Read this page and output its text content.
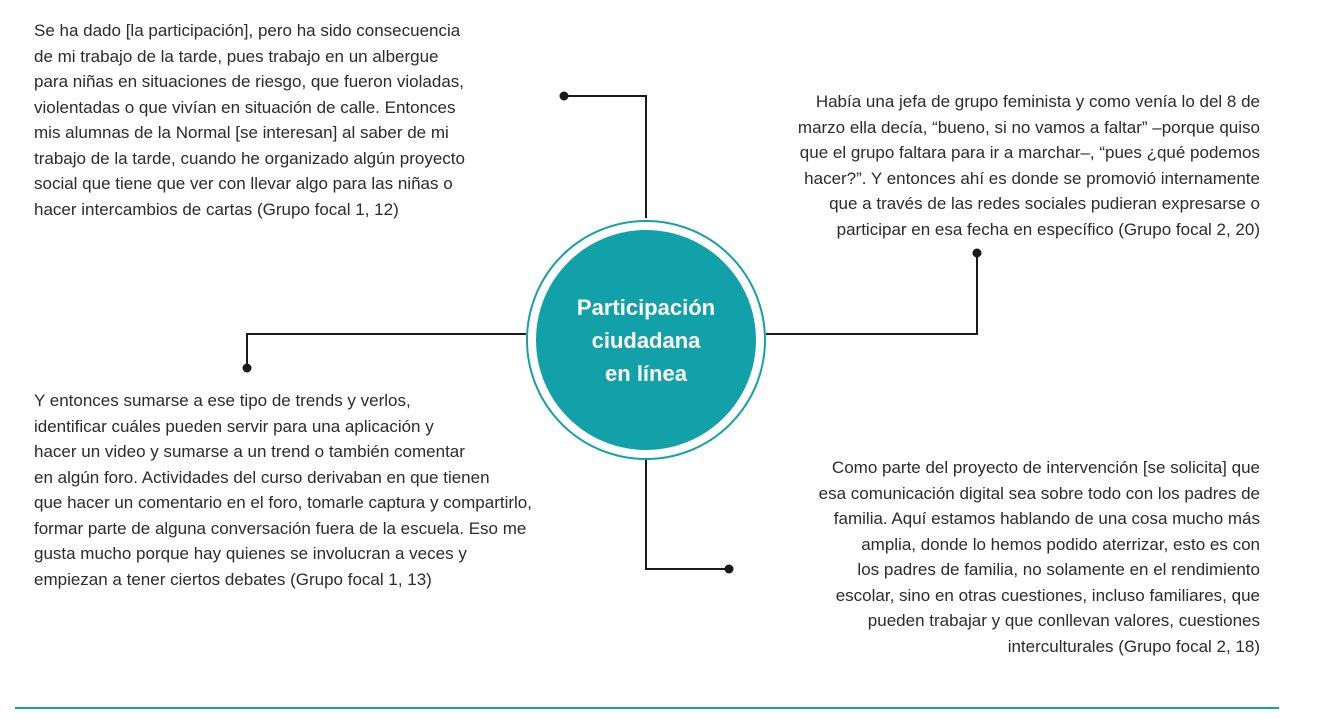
Se ha dado [la participación], pero ha sido consecuencia
de mi trabajo de la tarde, pues trabajo en un albergue
para niñas en situaciones de riesgo, que fueron violadas,
violentadas o que vivían en situación de calle. Entonces
mis alumnas de la Normal [se interesan] al saber de mi
trabajo de la tarde, cuando he organizado algún proyecto
social que tiene que ver con llevar algo para las niñas o
hacer intercambios de cartas (Grupo focal 1, 12)
Había una jefa de grupo feminista y como venía lo del 8 de
marzo ella decía, “bueno, si no vamos a faltar” –porque quiso
que el grupo faltara para ir a marchar–, “pues ¿qué podemos
hacer?”. Y entonces ahí es donde se promovió internamente
que a través de las redes sociales pudieran expresarse o
participar en esa fecha en específico (Grupo focal 2, 20)
Y entonces sumarse a ese tipo de trends y verlos,
identificar cuáles pueden servir para una aplicación y
hacer un video y sumarse a un trend o también comentar
en algún foro. Actividades del curso derivaban en que tienen
que hacer un comentario en el foro, tomarle captura y compartirlo,
formar parte de alguna conversación fuera de la escuela. Eso me
gusta mucho porque hay quienes se involucran a veces y
empiezan a tener ciertos debates (Grupo focal 1, 13)
Como parte del proyecto de intervención [se solicita] que
esa comunicación digital sea sobre todo con los padres de
familia. Aquí estamos hablando de una cosa mucho más
amplia, donde lo hemos podido aterrizar, esto es con
los padres de familia, no solamente en el rendimiento
escolar, sino en otras cuestiones, incluso familiares, que
pueden trabajar y que conllevan valores, cuestiones
interculturales (Grupo focal 2, 18)
Participación
ciudadana
en línea
